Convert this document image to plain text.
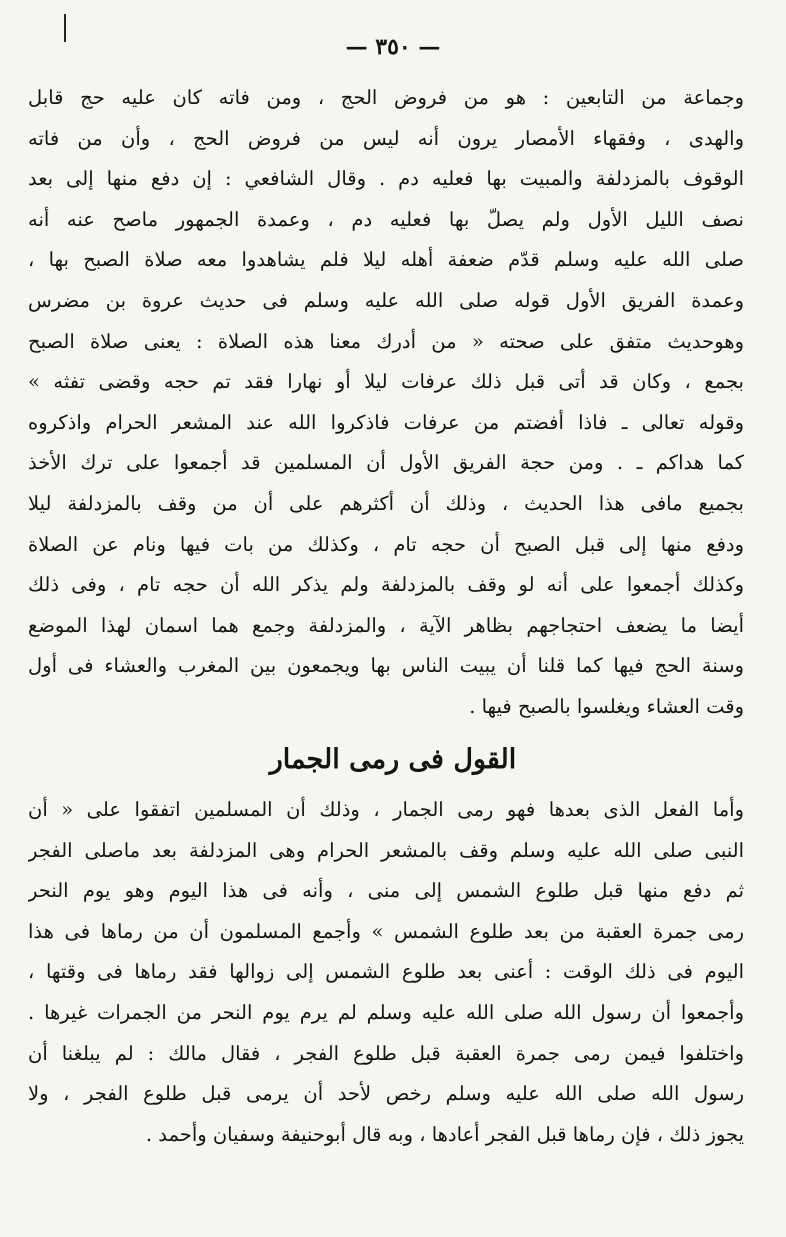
— ٣٥٠ —
وجماعة من التابعين : هو من فروض الحج ، ومن فاته كان عليه حج قابل
والهدى ، وفقهاء الأمصار يرون أنه ليس من فروض الحج ، وأن من فاته
الوقوف بالمزدلفة والمبيت بها فعليه دم . وقال الشافعي : إن دفع منها إلى بعد
نصف الليل الأول ولم يصلّ بها فعليه دم ، وعمدة الجمهور ماصح عنه أنه
صلى الله عليه وسلم قدّم ضعفة أهله ليلا فلم يشاهدوا معه صلاة الصبح بها ،
وعمدة الفريق الأول قوله صلى الله عليه وسلم فى حديث عروة بن مضرس
وهوحديث متفق على صحته « من أدرك معنا هذه الصلاة : يعنى صلاة الصبح
بجمع ، وكان قد أتى قبل ذلك عرفات ليلا أو نهارا فقد تم حجه وقضى تفثه »
وقوله تعالى ـ فاذا أفضتم من عرفات فاذكروا الله عند المشعر الحرام واذكروه
كما هداكم ـ . ومن حجة الفريق الأول أن المسلمين قد أجمعوا على ترك الأخذ
بجميع مافى هذا الحديث ، وذلك أن أكثرهم على أن من وقف بالمزدلفة ليلا
ودفع منها إلى قبل الصبح أن حجه تام ، وكذلك من بات فيها ونام عن الصلاة
وكذلك أجمعوا على أنه لو وقف بالمزدلفة ولم يذكر الله أن حجه تام ، وفى ذلك
أيضا ما يضعف احتجاجهم بظاهر الآية ، والمزدلفة وجمع هما اسمان لهذا الموضع
وسنة الحج فيها كما قلنا أن يبيت الناس بها ويجمعون بين المغرب والعشاء فى أول
وقت العشاء ويغلسوا بالصبح فيها .
القول فى رمى الجمار
وأما الفعل الذى بعدها فهو رمى الجمار ، وذلك أن المسلمين اتفقوا على « أن
النبى صلى الله عليه وسلم وقف بالمشعر الحرام وهى المزدلفة بعد ماصلى الفجر
ثم دفع منها قبل طلوع الشمس إلى منى ، وأنه فى هذا اليوم وهو يوم النحر
رمى جمرة العقبة من بعد طلوع الشمس » وأجمع المسلمون أن من رماها فى هذا
اليوم فى ذلك الوقت : أعنى بعد طلوع الشمس إلى زوالها فقد رماها فى وقتها ،
وأجمعوا أن رسول الله صلى الله عليه وسلم لم يرم يوم النحر من الجمرات غيرها .
واختلفوا فيمن رمى جمرة العقبة قبل طلوع الفجر ، فقال مالك : لم يبلغنا أن
رسول الله صلى الله عليه وسلم رخص لأحد أن يرمى قبل طلوع الفجر ، ولا
يجوز ذلك ، فإن رماها قبل الفجر أعادها ، وبه قال أبوحنيفة وسفيان وأحمد .
